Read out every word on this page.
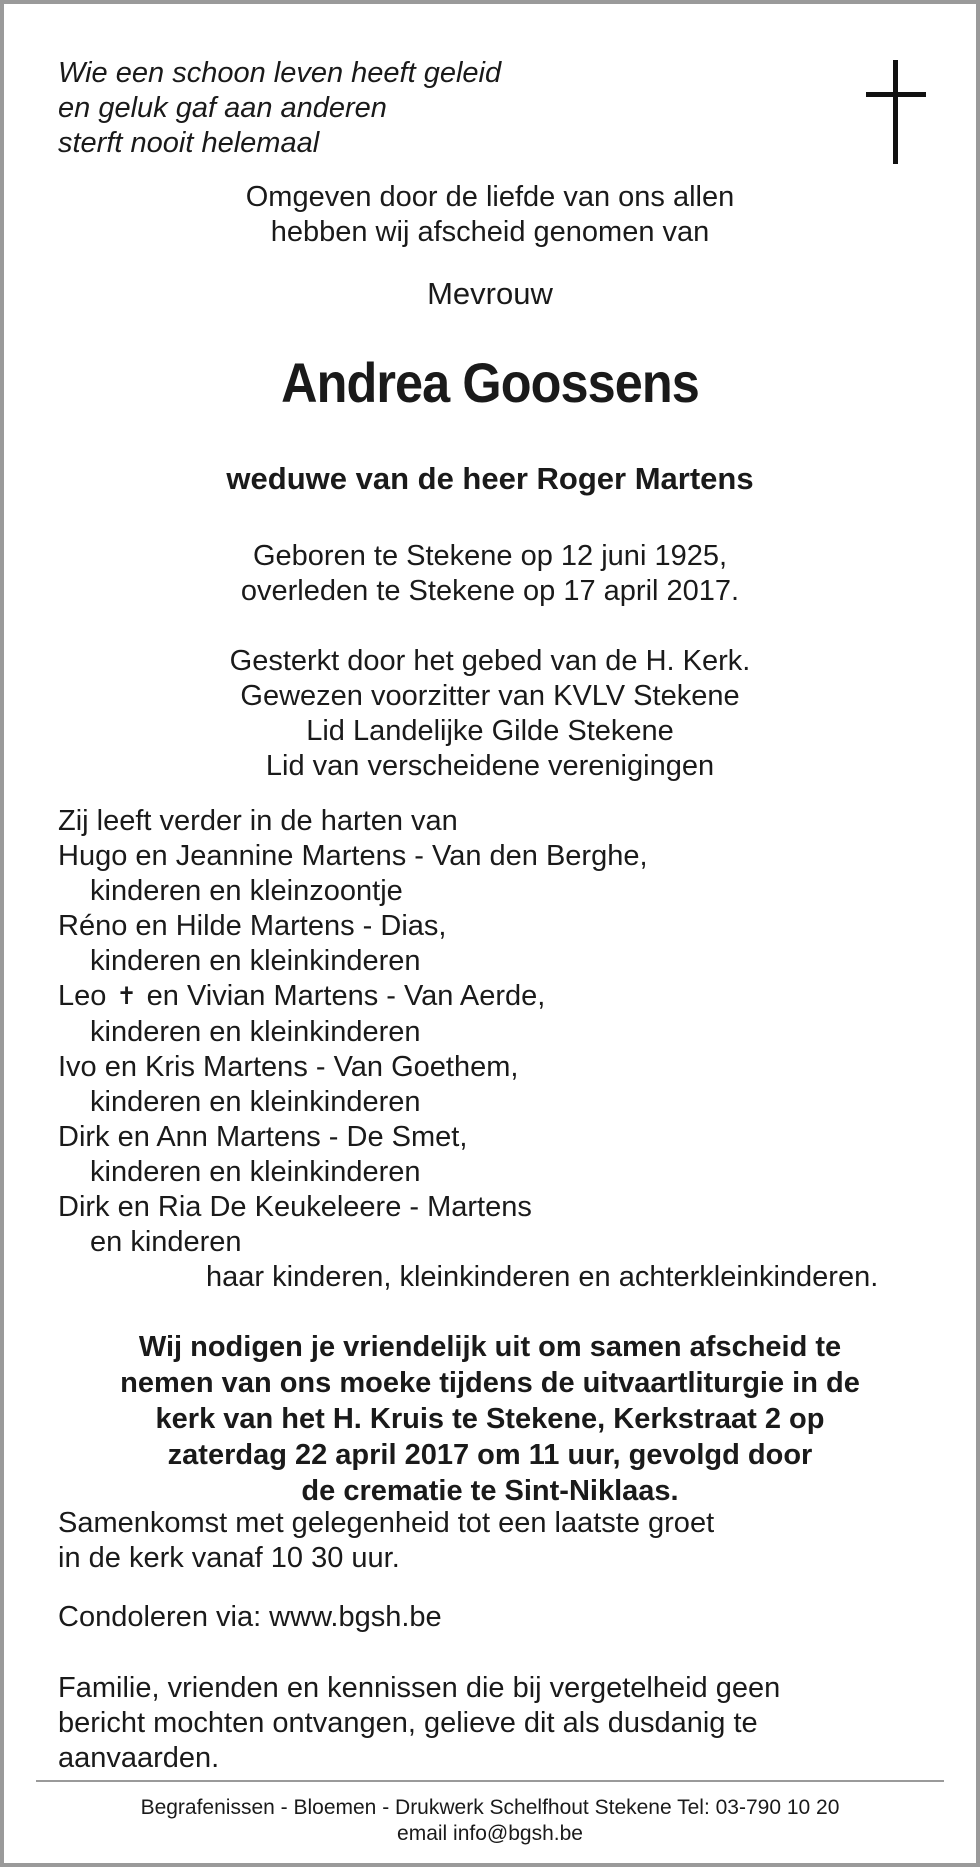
Wie een schoon leven heeft geleid
en geluk gaf aan anderen
sterft nooit helemaal
Omgeven door de liefde van ons allen
hebben wij afscheid genomen van
Mevrouw
Andrea Goossens
weduwe van de heer Roger Martens
Geboren te Stekene op 12 juni 1925,
overleden te Stekene op 17 april 2017.
Gesterkt door het gebed van de H. Kerk.
Gewezen voorzitter van KVLV Stekene
Lid Landelijke Gilde Stekene
Lid van verscheidene verenigingen
Zij leeft verder in de harten van
Hugo en Jeannine Martens - Van den Berghe,
kinderen en kleinzoontje
Réno en Hilde Martens - Dias,
kinderen en kleinkinderen
Leo ✝ en Vivian Martens - Van Aerde,
kinderen en kleinkinderen
Ivo en Kris Martens - Van Goethem,
kinderen en kleinkinderen
Dirk en Ann Martens - De Smet,
kinderen en kleinkinderen
Dirk en Ria De Keukeleere - Martens
en kinderen
haar kinderen, kleinkinderen en achterkleinkinderen.
Wij nodigen je vriendelijk uit om samen afscheid te
nemen van ons moeke tijdens de uitvaartliturgie in de
kerk van het H. Kruis te Stekene, Kerkstraat 2 op
zaterdag 22 april 2017 om 11 uur, gevolgd door
de crematie te Sint-Niklaas.
Samenkomst met gelegenheid tot een laatste groet
in de kerk vanaf 10 30 uur.
Condoleren via: www.bgsh.be
Familie, vrienden en kennissen die bij vergetelheid geen
bericht mochten ontvangen, gelieve dit als dusdanig te
aanvaarden.
Begrafenissen - Bloemen - Drukwerk Schelfhout Stekene Tel: 03-790 10 20
email info@bgsh.be
